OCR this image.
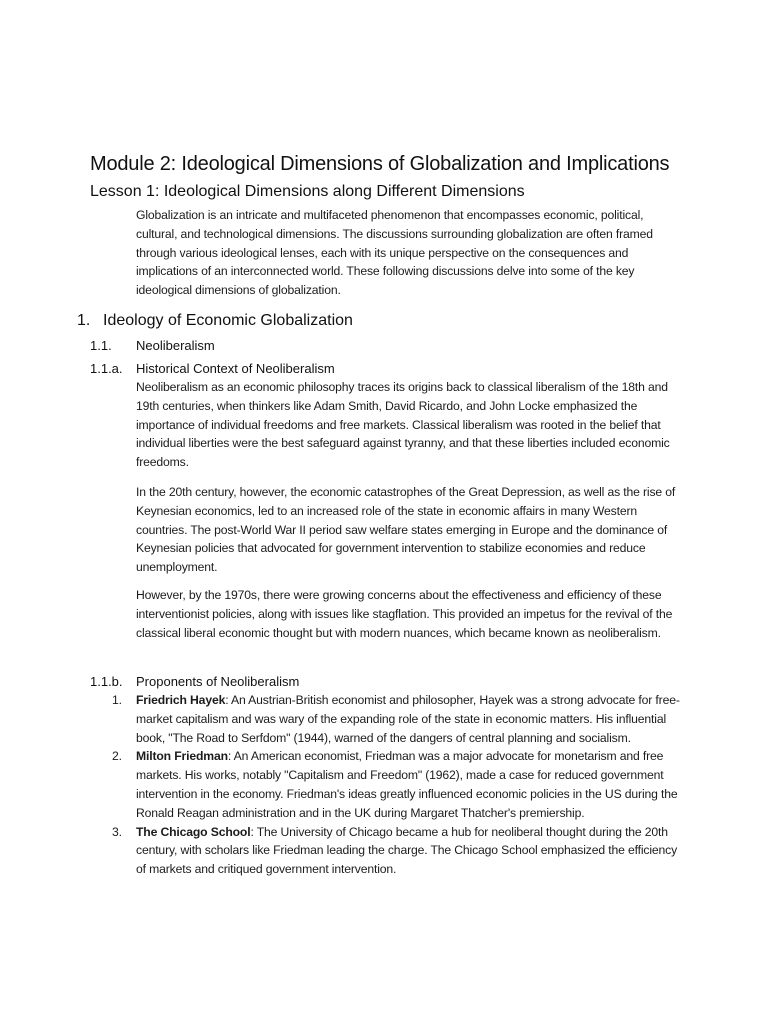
Module 2: Ideological Dimensions of Globalization and Implications
Lesson 1: Ideological Dimensions along Different Dimensions

Globalization is an intricate and multifaceted phenomenon that encompasses economic, political, cultural, and technological dimensions. The discussions surrounding globalization are often framed through various ideological lenses, each with its unique perspective on the consequences and implications of an interconnected world. These following discussions delve into some of the key ideological dimensions of globalization.

1. Ideology of Economic Globalization
1.1. Neoliberalism
1.1.a. Historical Context of Neoliberalism

Neoliberalism as an economic philosophy traces its origins back to classical liberalism of the 18th and 19th centuries, when thinkers like Adam Smith, David Ricardo, and John Locke emphasized the importance of individual freedoms and free markets. Classical liberalism was rooted in the belief that individual liberties were the best safeguard against tyranny, and that these liberties included economic freedoms.

In the 20th century, however, the economic catastrophes of the Great Depression, as well as the rise of Keynesian economics, led to an increased role of the state in economic affairs in many Western countries. The post-World War II period saw welfare states emerging in Europe and the dominance of Keynesian policies that advocated for government intervention to stabilize economies and reduce unemployment.

However, by the 1970s, there were growing concerns about the effectiveness and efficiency of these interventionist policies, along with issues like stagflation. This provided an impetus for the revival of the classical liberal economic thought but with modern nuances, which became known as neoliberalism.

1.1.b. Proponents of Neoliberalism
1. Friedrich Hayek: An Austrian-British economist and philosopher, Hayek was a strong advocate for free-market capitalism and was wary of the expanding role of the state in economic matters. His influential book, "The Road to Serfdom" (1944), warned of the dangers of central planning and socialism.
2. Milton Friedman: An American economist, Friedman was a major advocate for monetarism and free markets. His works, notably "Capitalism and Freedom" (1962), made a case for reduced government intervention in the economy. Friedman's ideas greatly influenced economic policies in the US during the Ronald Reagan administration and in the UK during Margaret Thatcher's premiership.
3. The Chicago School: The University of Chicago became a hub for neoliberal thought during the 20th century, with scholars like Friedman leading the charge. The Chicago School emphasized the efficiency of markets and critiqued government intervention.
